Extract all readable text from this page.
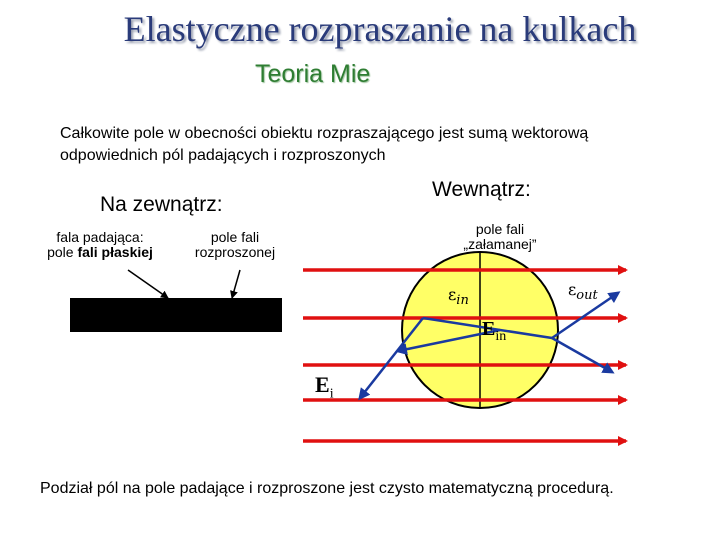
Elastyczne rozpraszanie na kulkach
Teoria Mie
Całkowite pole w obecności obiektu rozpraszającego jest sumą wektorową
odpowiednich pól padających i rozproszonych
Na zewnątrz:
Wewnątrz:
fala padająca:
pole fali płaskiej
pole fali
rozproszonej
pole fali
„załamanej”
$\varepsilon_{in}$
$\varepsilon_{out}$
$E_{in}$
$E_i$
Podział pól na pole padające i rozproszone jest czysto matematyczną procedurą.
